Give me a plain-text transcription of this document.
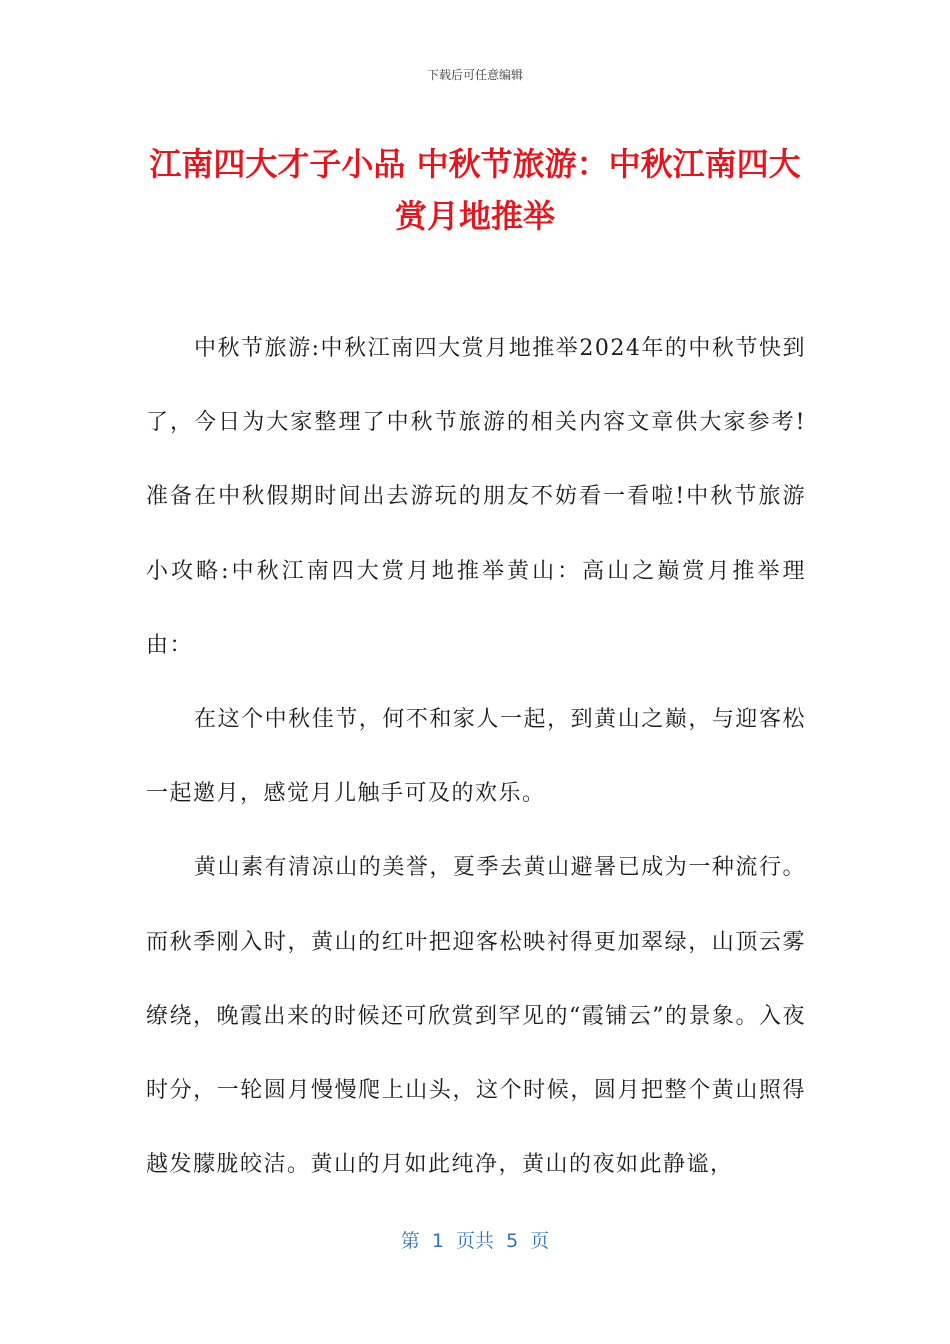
下载后可任意编辑
江南四大才子小品 中秋节旅游：中秋江南四大赏月地推举

中秋节旅游:中秋江南四大赏月地推举2024年的中秋节快到了，今日为大家整理了中秋节旅游的相关内容文章供大家参考!准备在中秋假期时间出去游玩的朋友不妨看一看啦!中秋节旅游小攻略:中秋江南四大赏月地推举黄山：高山之巅赏月推举理由：

在这个中秋佳节，何不和家人一起，到黄山之巅，与迎客松一起邀月，感觉月儿触手可及的欢乐。

黄山素有清凉山的美誉，夏季去黄山避暑已成为一种流行。而秋季刚入时，黄山的红叶把迎客松映衬得更加翠绿，山顶云雾缭绕，晚霞出来的时候还可欣赏到罕见的“霞铺云”的景象。入夜时分，一轮圆月慢慢爬上山头，这个时候，圆月把整个黄山照得越发朦胧皎洁。黄山的月如此纯净，黄山的夜如此静谧，

第  1  页共  5  页
